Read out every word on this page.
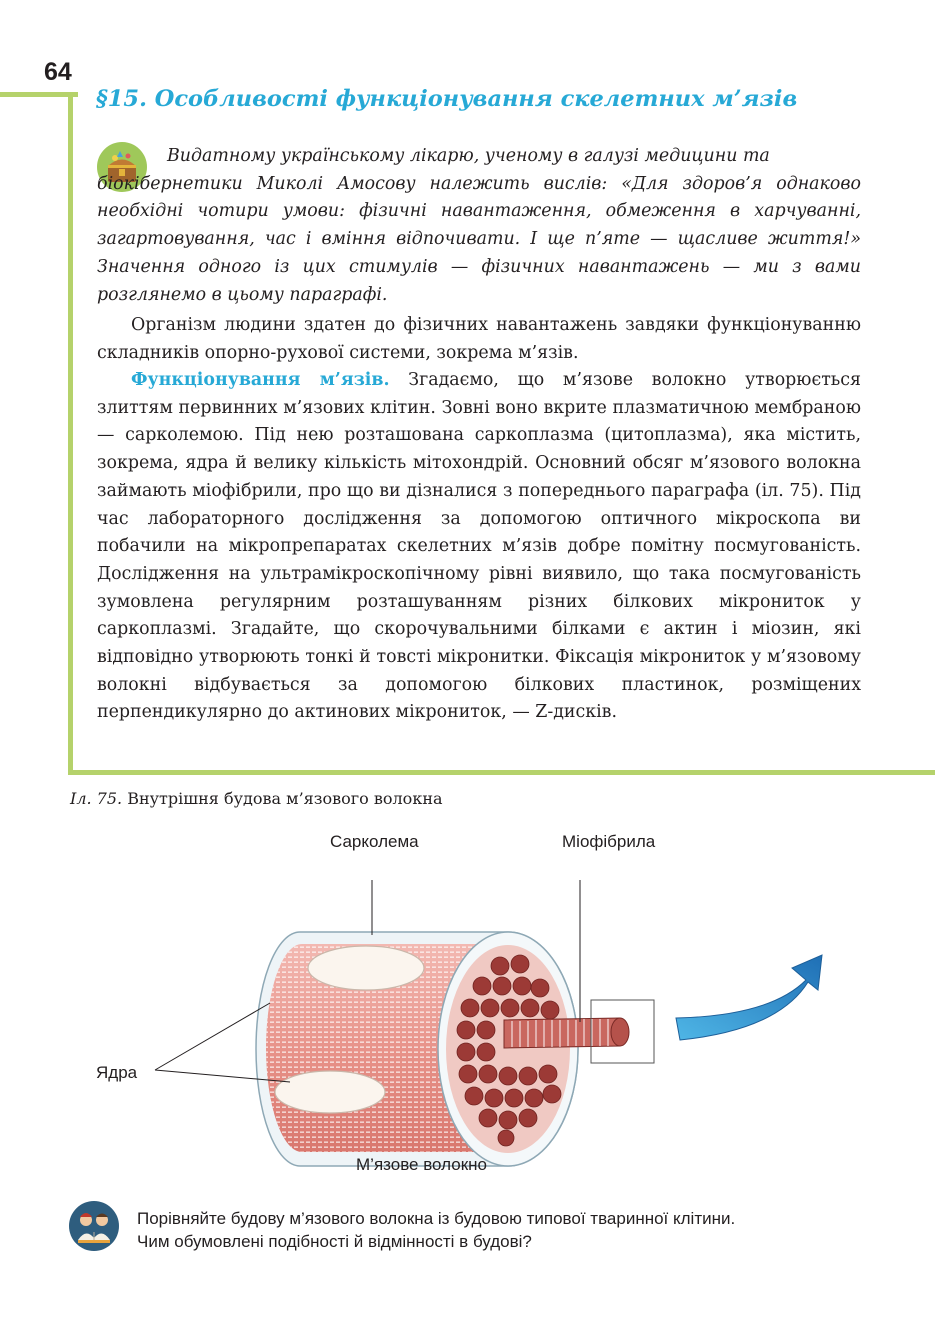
64
§15. Особливості функціонування скелетних м’язів
Видатному українському лікарю, ученому в галузі медицини та
біокібернетики Миколі Амосову належить вислів: «Для здоров’я однаково необхідні чотири умови: фізичні навантаження, обмеження в харчуванні, загартовування, час і вміння відпочивати. І ще п’яте — щасливе життя!» Значення одного із цих стимулів — фізичних навантажень — ми з вами розглянемо в цьому параграфі.

Організм людини здатен до фізичних навантажень завдяки функціонуванню складників опорно-рухової системи, зокрема м’язів.

Функціонування м’язів. Згадаємо, що м’язове волокно утворюється злиттям первинних м’язових клітин. Зовні воно вкрите плазматичною мембраною — сарколемою. Під нею розташована саркоплазма (цитоплазма), яка містить, зокрема, ядра й велику кількість мітохондрій. Основний обсяг м’язового волокна займають міофібрили, про що ви дізналися з попереднього параграфа (іл. 75). Під час лабораторного дослідження за допомогою оптичного мікроскопа ви побачили на мікропрепаратах скелетних м’язів добре помітну посмугованість. Дослідження на ультрамікроскопічному рівні виявило, що така посмугованість зумовлена регулярним розташуванням різних білкових мікрониток у саркоплазмі. Згадайте, що скорочувальними білками є актин і міозин, які відповідно утворюють тонкі й товсті мікронитки. Фіксація мікрониток у м’язовому волокні відбувається за допомогою білкових пластинок, розміщених перпендикулярно до актинових мікрониток, — Z-дисків.

Іл. 75. Внутрішня будова м’язового волокна

Сарколема	Міофібрила
Ядра
М’язове волокно

Порівняйте будову м’язового волокна із будовою типової тваринної клітини.
Чим обумовлені подібності й відмінності в будові?
